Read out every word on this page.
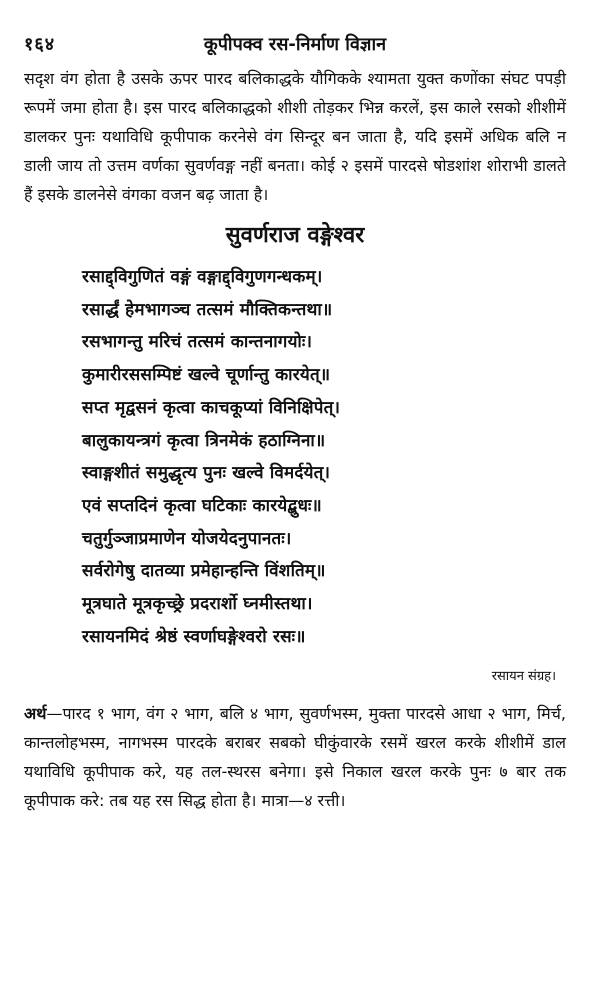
१६४	कूपीपक्व रस-निर्माण विज्ञान

सदृश वंग होता है उसके ऊपर पारद बलिकाद्धके यौगिकके श्यामता युक्त कणोंका संघट पपड़ी रूपमें जमा होता है। इस पारद बलिकाद्धको शीशी तोड़कर भिन्न करलें, इस काले रसको शीशीमें डालकर पुनः यथाविधि कूपीपाक करनेसे वंग सिन्दूर बन जाता है, यदि इसमें अधिक बलि न डाली जाय तो उत्तम वर्णका सुवर्णवङ्ग नहीं बनता। कोई २ इसमें पारदसे षोडशांश शोराभी डालते हैं इसके डालनेसे वंगका वजन बढ़ जाता है।

सुवर्णराज वङ्गेश्वर

रसाद्द्विगुणितं वङ्गं वङ्गाद्द्विगुणगन्धकम्।

रसार्द्धं हेमभागञ्च तत्समं मौक्तिकन्तथा॥

रसभागन्तु मरिचं तत्समं कान्तनागयोः।

कुमारीरससम्पिष्टं खल्वे चूर्णान्तु कारयेत्॥

सप्त मृद्वसनं कृत्वा काचकूप्यां विनिक्षिपेत्।

बालुकायन्त्रगं कृत्वा त्रिनमेकं हठाग्निना॥

स्वाङ्गशीतं समुद्धृत्य पुनः खल्वे विमर्दयेत्।

एवं सप्तदिनं कृत्वा घटिकाः कारयेद्बुधः॥

चतुर्गुञ्जाप्रमाणेन योजयेदनुपानतः।

सर्वरोगेषु दातव्या प्रमेहान्हन्ति विंशतिम्॥

मूत्रघाते मूत्रकृच्छ्रे प्रदरार्शो घ्नमीस्तथा।

रसायनमिदं श्रेष्ठं स्वर्णाघङ्गेश्वरो रसः॥

रसायन संग्रह।

अर्थ—पारद १ भाग, वंग २ भाग, बलि ४ भाग, सुवर्णभस्म, मुक्ता पारदसे आधा २ भाग, मिर्च, कान्तलोहभस्म, नागभस्म पारदके बराबर सबको घीकुंवारके रसमें खरल करके शीशीमें डाल यथाविधि कूपीपाक करे, यह तल-स्थरस बनेगा। इसे निकाल खरल करके पुनः ७ बार तक कूपीपाक करे: तब यह रस सिद्ध होता है। मात्रा—४ रत्ती।
